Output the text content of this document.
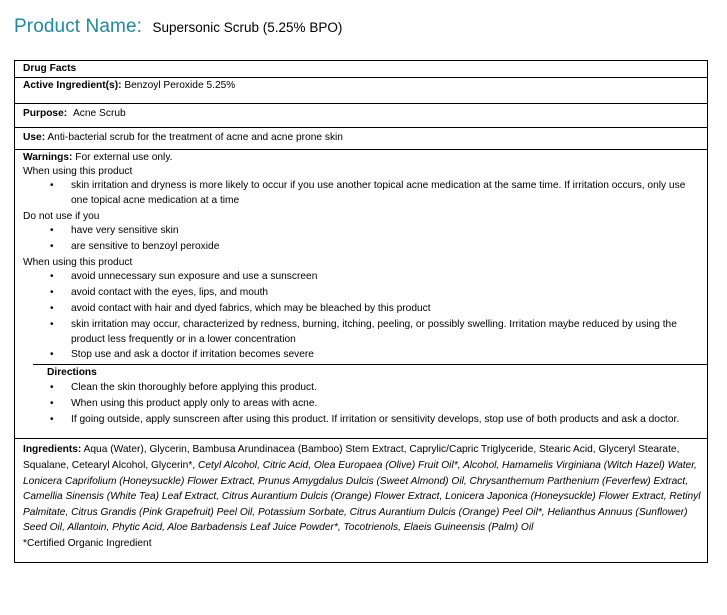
Product Name: Supersonic Scrub (5.25% BPO)
Drug Facts
Active Ingredient(s): Benzoyl Peroxide 5.25%
Purpose: Acne Scrub
Use: Anti-bacterial scrub for the treatment of acne and acne prone skin
Warnings: For external use only.
When using this product
• skin irritation and dryness is more likely to occur if you use another topical acne medication at the same time. If irritation occurs, only use one topical acne medication at a time
Do not use if you
• have very sensitive skin
• are sensitive to benzoyl peroxide
When using this product
• avoid unnecessary sun exposure and use a sunscreen
• avoid contact with the eyes, lips, and mouth
• avoid contact with hair and dyed fabrics, which may be bleached by this product
• skin irritation may occur, characterized by redness, burning, itching, peeling, or possibly swelling. Irritation maybe reduced by using the product less frequently or in a lower concentration
• Stop use and ask a doctor if irritation becomes severe
Directions
• Clean the skin thoroughly before applying this product.
• When using this product apply only to areas with acne.
• If going outside, apply sunscreen after using this product. If irritation or sensitivity develops, stop use of both products and ask a doctor.
Ingredients: Aqua (Water), Glycerin, Bambusa Arundinacea (Bamboo) Stem Extract, Caprylic/Capric Triglyceride, Stearic Acid, Glyceryl Stearate, Squalane, Cetearyl Alcohol, Glycerin*, Cetyl Alcohol, Citric Acid, Olea Europaea (Olive) Fruit Oil*, Alcohol, Hamamelis Virginiana (Witch Hazel) Water, Lonicera Caprifolium (Honeysuckle) Flower Extract, Prunus Amygdalus Dulcis (Sweet Almond) Oil, Chrysanthemum Parthenium (Feverfew) Extract, Camellia Sinensis (White Tea) Leaf Extract, Citrus Aurantium Dulcis (Orange) Flower Extract, Lonicera Japonica (Honeysuckle) Flower Extract, Retinyl Palmitate, Citrus Grandis (Pink Grapefruit) Peel Oil, Potassium Sorbate, Citrus Aurantium Dulcis (Orange) Peel Oil*, Helianthus Annuus (Sunflower) Seed Oil, Allantoin, Phytic Acid, Aloe Barbadensis Leaf Juice Powder*, Tocotrienols, Elaeis Guineensis (Palm) Oil
*Certified Organic Ingredient
